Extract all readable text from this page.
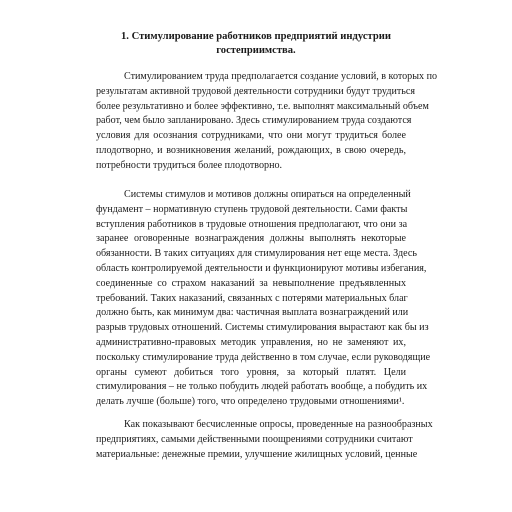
1. Стимулирование работников предприятий индустрии
гостеприимства.
Стимулированием труда предполагается создание условий, в которых по
результатам активной трудовой деятельности сотрудники будут трудиться
более результативно и более эффективно, т.е. выполнят максимальный объем
работ, чем было запланировано. Здесь стимулированием труда создаются
условия для осознания сотрудниками, что они могут трудиться более
плодотворно, и возникновения желаний, рождающих, в свою очередь,
потребности трудиться более плодотворно.
Системы стимулов и мотивов должны опираться на определенный
фундамент – нормативную ступень трудовой деятельности. Сами факты
вступления работников в трудовые отношения предполагают, что они за
заранее оговоренные вознаграждения должны выполнять некоторые
обязанности. В таких ситуациях для стимулирования нет еще места. Здесь
область контролируемой деятельности и функционируют мотивы избегания,
соединенные со страхом наказаний за невыполнение предъявленных
требований. Таких наказаний, связанных с потерями материальных благ
должно быть, как минимум два: частичная выплата вознаграждений или
разрыв трудовых отношений. Системы стимулирования вырастают как бы из
административно-правовых методик управления, но не заменяют их,
поскольку стимулирование труда действенно в том случае, если руководящие
органы сумеют добиться того уровня, за который платят. Цели
стимулирования – не только побудить людей работать вообще, а побудить их
делать лучше (больше) того, что определено трудовыми отношениями¹.
Как показывают бесчисленные опросы, проведенные на разнообразных
предприятиях, самыми действенными поощрениями сотрудники считают
материальные: денежные премии, улучшение жилищных условий, ценные
